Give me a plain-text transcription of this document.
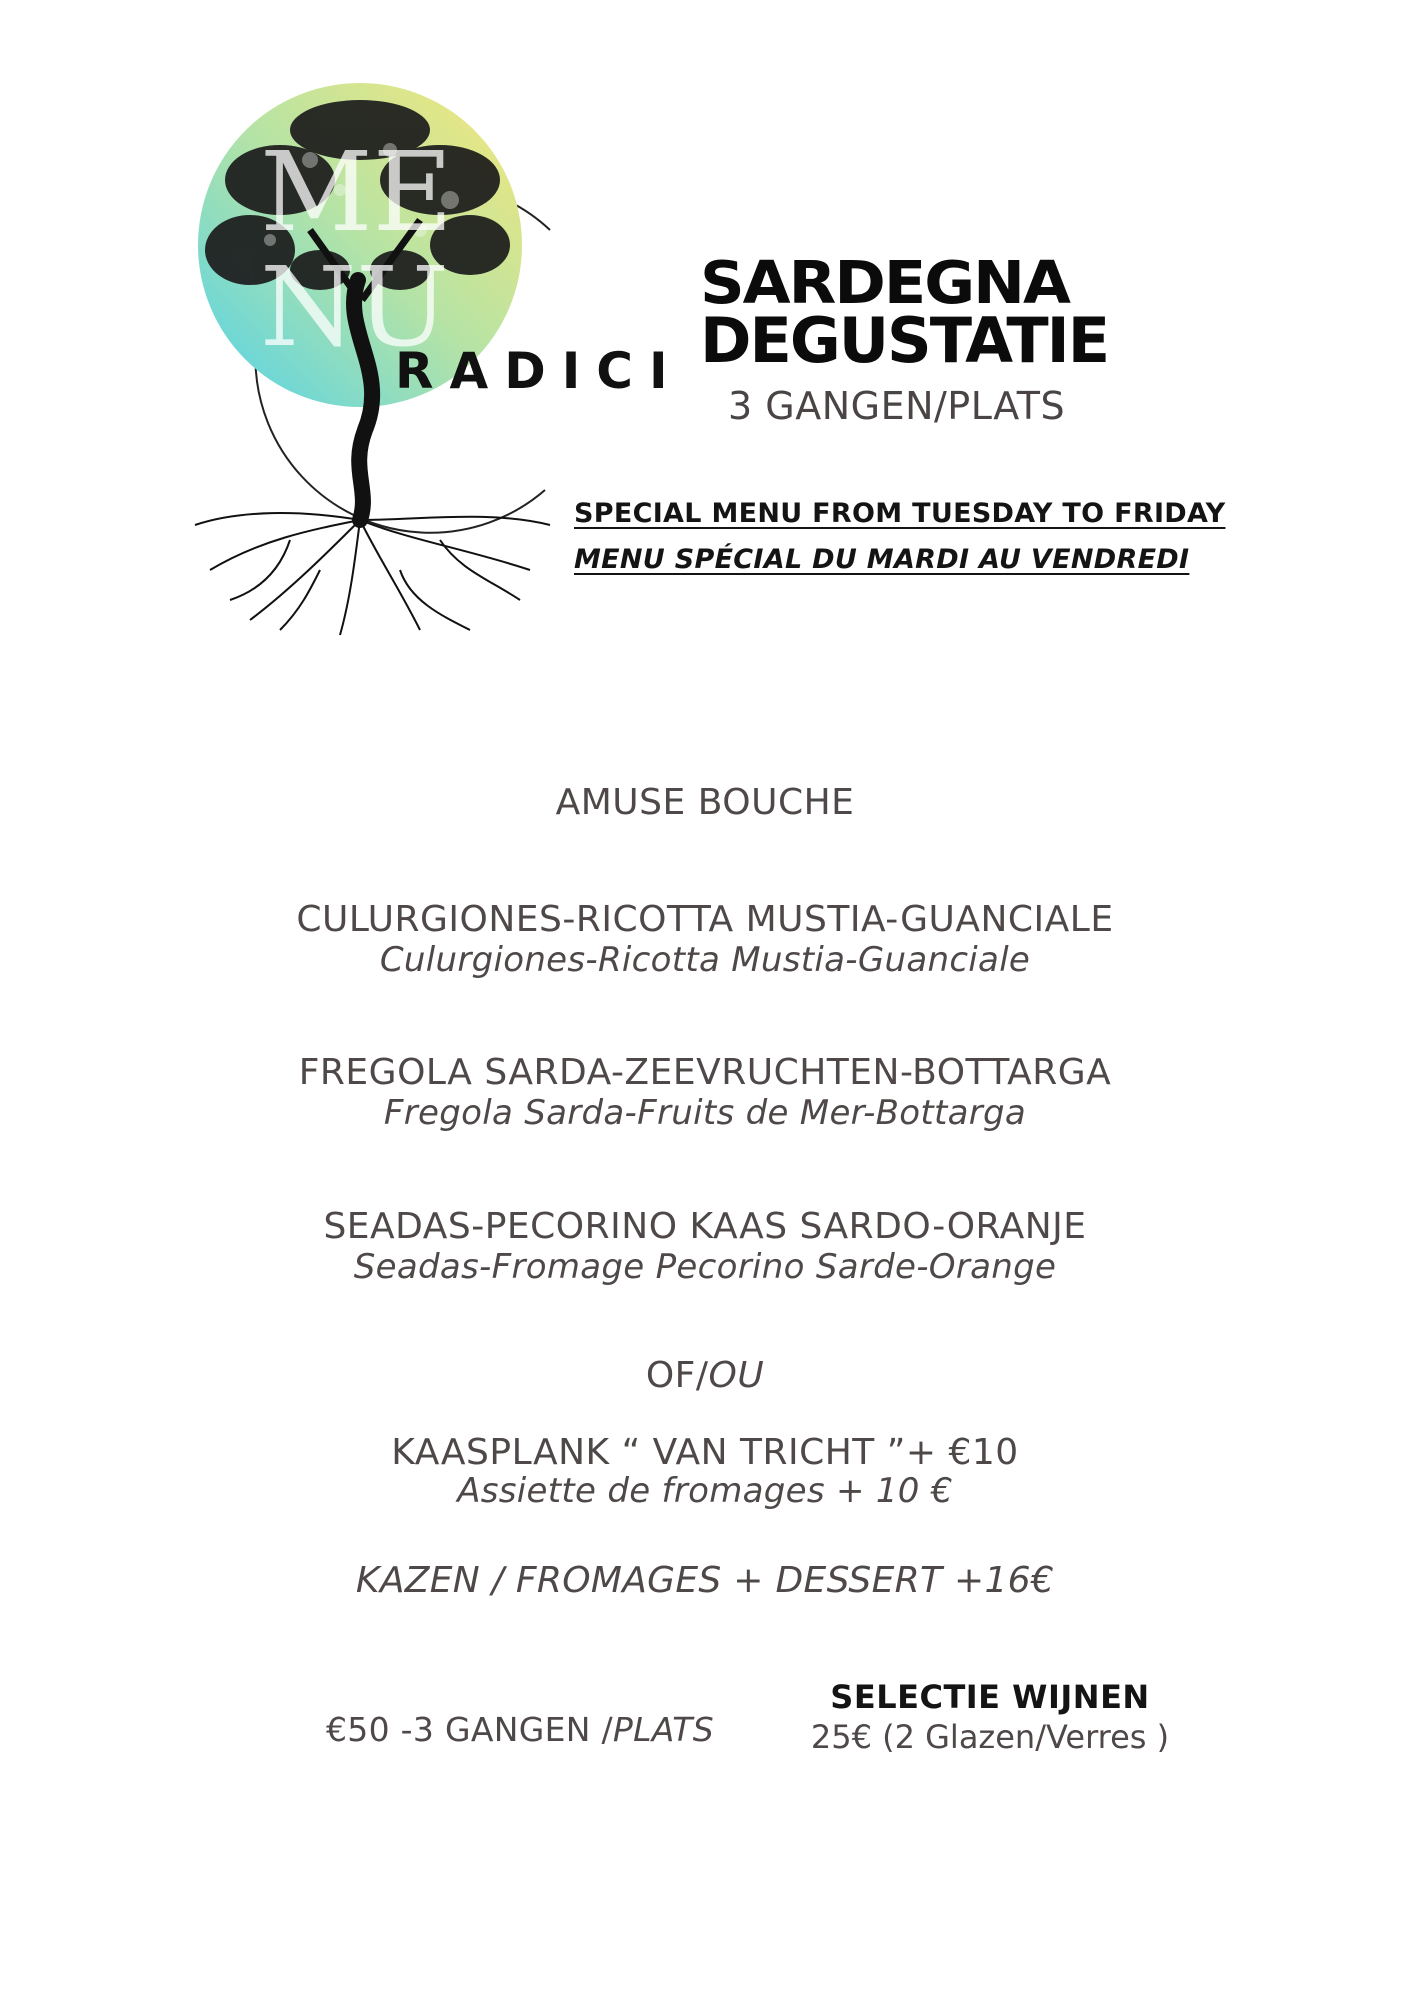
ME
NU
RADICI
SARDEGNA
DEGUSTATIE
3 GANGEN/PLATS
SPECIAL MENU FROM TUESDAY TO FRIDAY
MENU SPÉCIAL DU MARDI AU VENDREDI
AMUSE BOUCHE
CULURGIONES-RICOTTA MUSTIA-GUANCIALE
Culurgiones-Ricotta Mustia-Guanciale
FREGOLA SARDA-ZEEVRUCHTEN-BOTTARGA
Fregola Sarda-Fruits de Mer-Bottarga
SEADAS-PECORINO KAAS SARDO-ORANJE
Seadas-Fromage Pecorino Sarde-Orange
OF/OU
KAASPLANK “ VAN TRICHT ”+ €10
Assiette de fromages + 10 €
KAZEN / FROMAGES + DESSERT +16€
€50 -3 GANGEN /PLATS
SELECTIE WIJNEN
25€ (2 Glazen/Verres )
